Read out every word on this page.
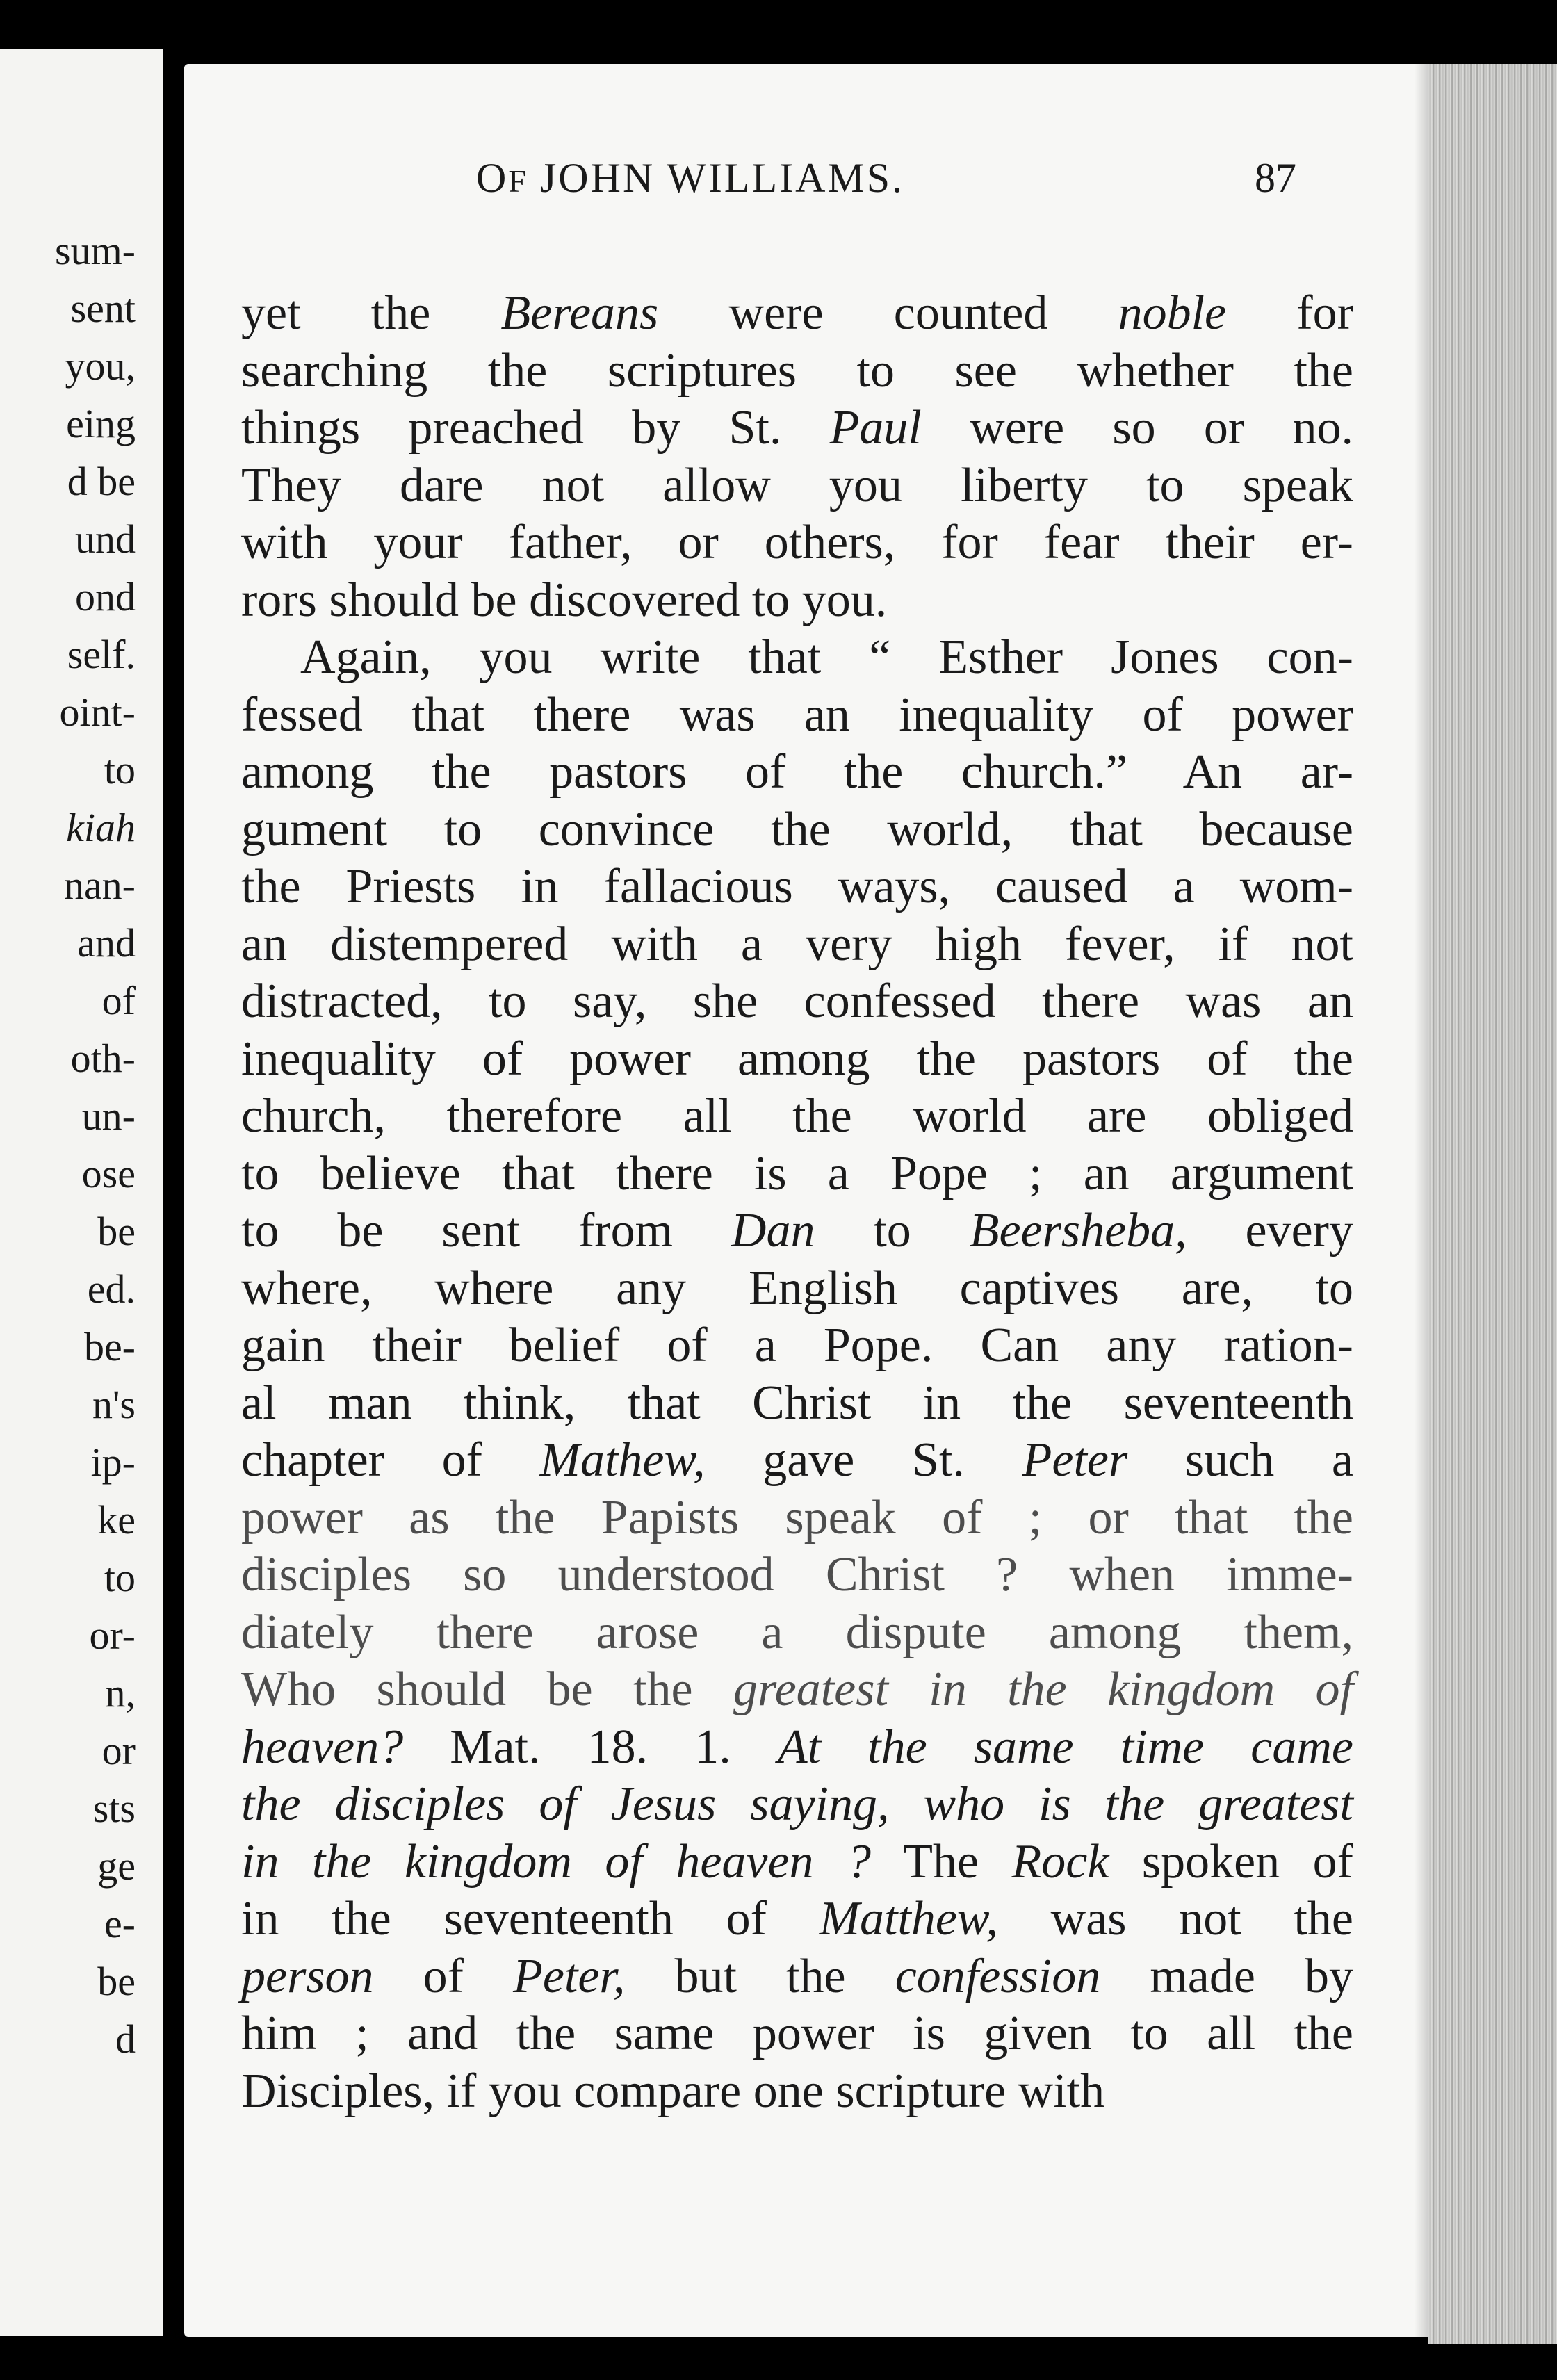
sum-
sent
you,
eing
d be
und
ond
self.
oint-
to
kiah
nan-
and
of
oth-
un-
ose
be
ed.
be-
n's
ip-
ke
to
or-
n,
or
sts
ge
e-
be
d
OF JOHN WILLIAMS.	87
yet the Bereans were counted noble for
searching the scriptures to see whether the
things preached by St. Paul were so or no.
They dare not allow you liberty to speak
with your father, or others, for fear their er-
rors should be discovered to you.
Again, you write that “ Esther Jones con-
fessed that there was an inequality of power
among the pastors of the church.” An ar-
gument to convince the world, that because
the Priests in fallacious ways, caused a wom-
an distempered with a very high fever, if not
distracted, to say, she confessed there was an
inequality of power among the pastors of the
church, therefore all the world are obliged
to believe that there is a Pope ; an argument
to be sent from Dan to Beersheba, every
where, where any English captives are, to
gain their belief of a Pope. Can any ration-
al man think, that Christ in the seventeenth
chapter of Mathew, gave St. Peter such a
power as the Papists speak of ; or that the
disciples so understood Christ ? when imme-
diately there arose a dispute among them,
Who should be the greatest in the kingdom of
heaven? Mat. 18. 1. At the same time came
the disciples of Jesus saying, who is the greatest
in the kingdom of heaven ? The Rock spoken of
in the seventeenth of Matthew, was not the
person of Peter, but the confession made by
him ; and the same power is given to all the
Disciples, if you compare one scripture with
